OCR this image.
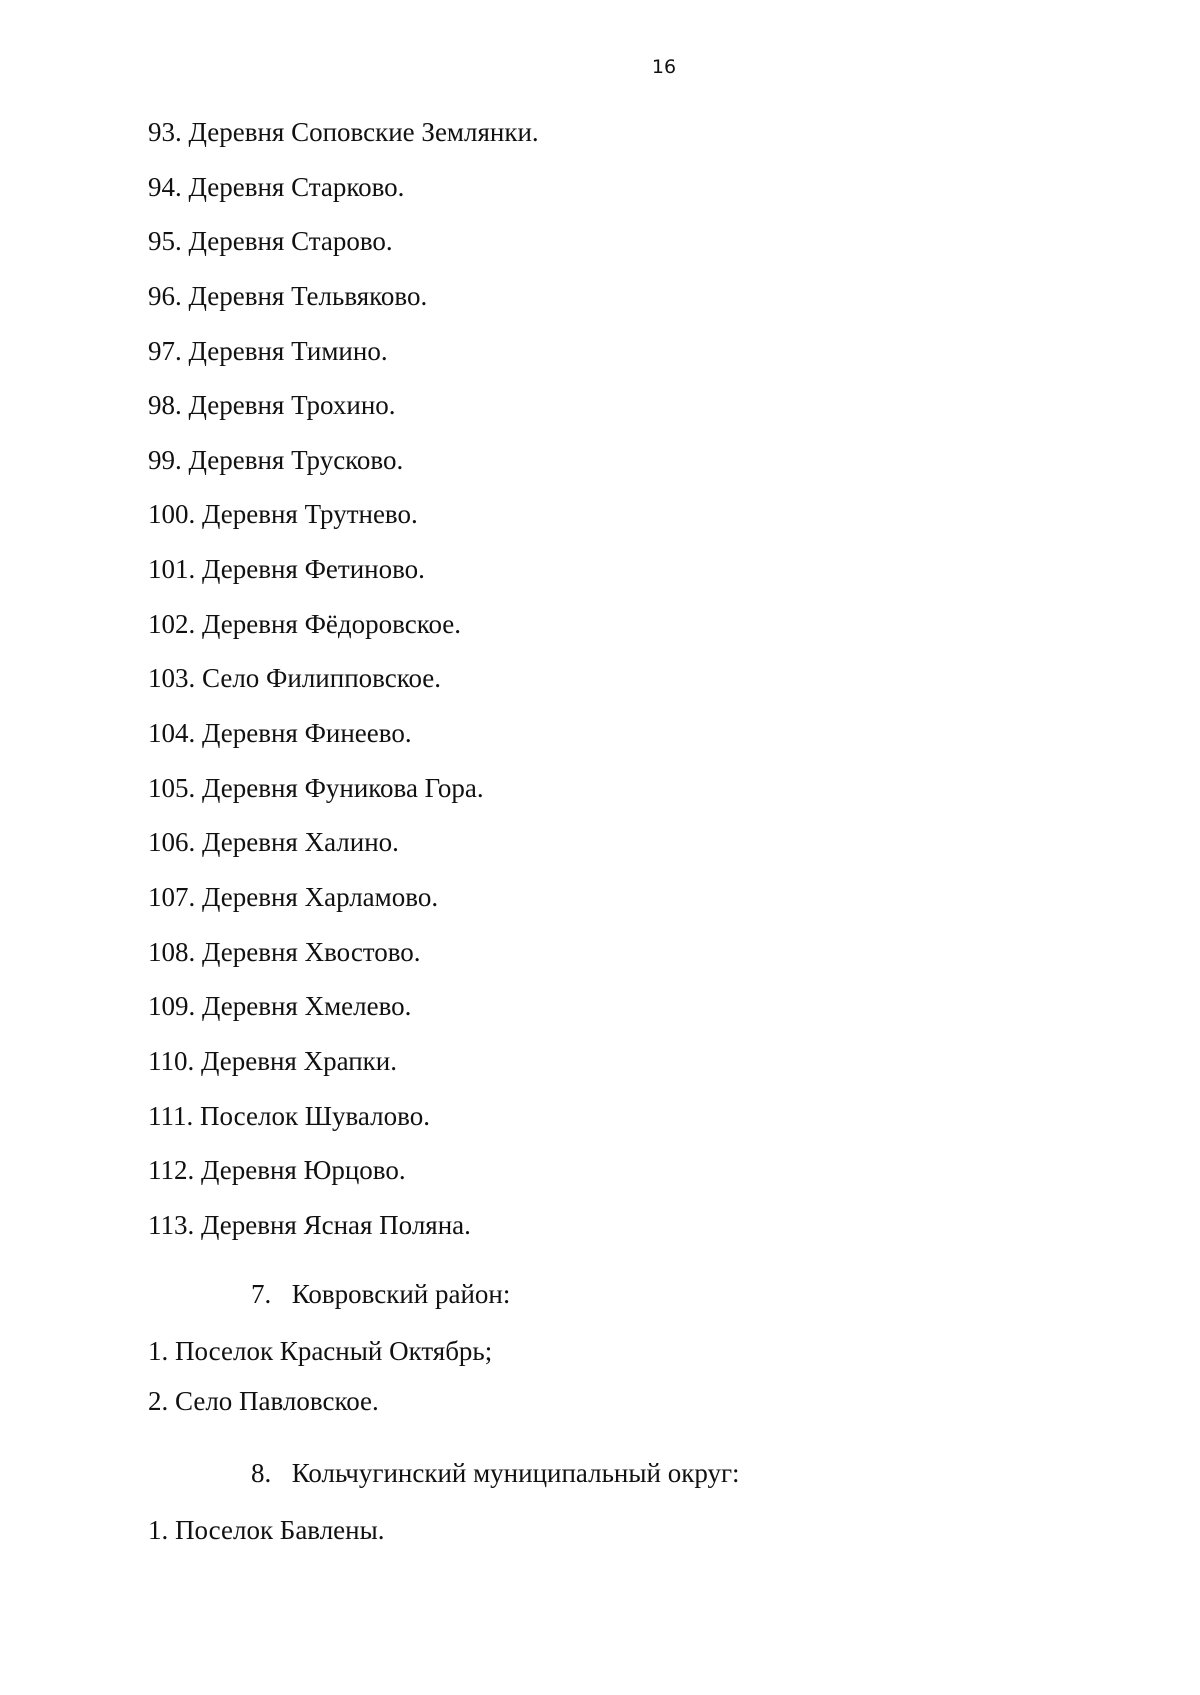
16
93. Деревня Соповские Землянки.
94. Деревня Старково.
95. Деревня Старово.
96. Деревня Тельвяково.
97. Деревня Тимино.
98. Деревня Трохино.
99. Деревня Трусково.
100. Деревня Трутнево.
101. Деревня Фетиново.
102. Деревня Фёдоровское.
103. Село Филипповское.
104. Деревня Финеево.
105. Деревня Фуникова Гора.
106. Деревня Халино.
107. Деревня Харламово.
108. Деревня Хвостово.
109. Деревня Хмелево.
110. Деревня Храпки.
111. Поселок Шувалово.
112. Деревня Юрцово.
113. Деревня Ясная Поляна.
7. Ковровский район:
1. Поселок Красный Октябрь;
2. Село Павловское.
8. Кольчугинский муниципальный округ:
1. Поселок Бавлены.
